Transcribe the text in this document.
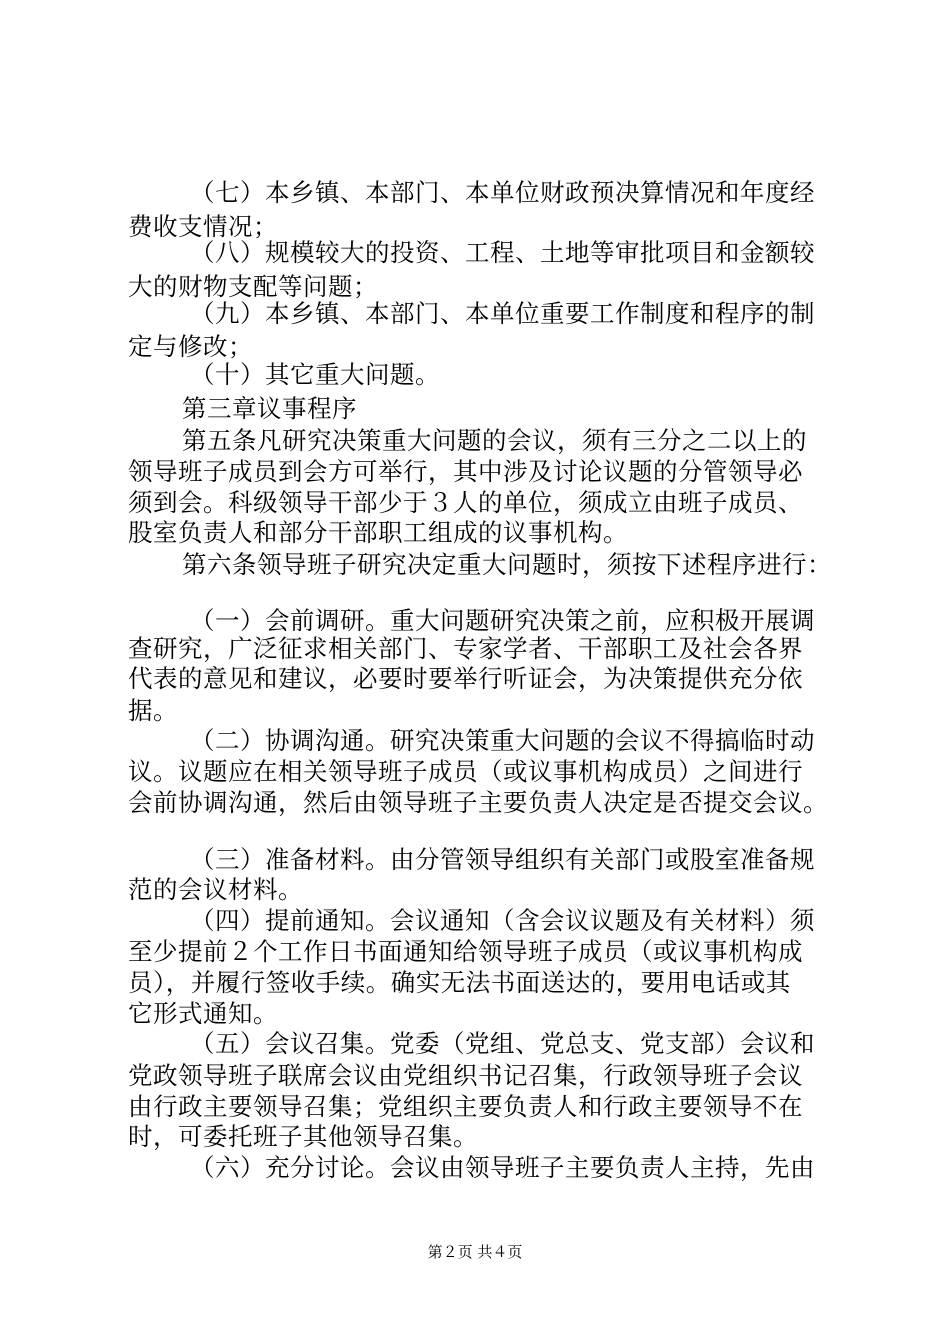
（七）本乡镇、本部门、本单位财政预决算情况和年度经
费收支情况；
（八）规模较大的投资、工程、土地等审批项目和金额较
大的财物支配等问题；
（九）本乡镇、本部门、本单位重要工作制度和程序的制
定与修改；
（十）其它重大问题。
第三章议事程序
第五条凡研究决策重大问题的会议，须有三分之二以上的
领导班子成员到会方可举行，其中涉及讨论议题的分管领导必
须到会。科级领导干部少于３人的单位，须成立由班子成员、
股室负责人和部分干部职工组成的议事机构。
第六条领导班子研究决定重大问题时，须按下述程序进行：
（一）会前调研。重大问题研究决策之前，应积极开展调
查研究，广泛征求相关部门、专家学者、干部职工及社会各界
代表的意见和建议，必要时要举行听证会，为决策提供充分依
据。
（二）协调沟通。研究决策重大问题的会议不得搞临时动
议。议题应在相关领导班子成员（或议事机构成员）之间进行
会前协调沟通，然后由领导班子主要负责人决定是否提交会议。
（三）准备材料。由分管领导组织有关部门或股室准备规
范的会议材料。
（四）提前通知。会议通知（含会议议题及有关材料）须
至少提前２个工作日书面通知给领导班子成员（或议事机构成
员），并履行签收手续。确实无法书面送达的，要用电话或其
它形式通知。
（五）会议召集。党委（党组、党总支、党支部）会议和
党政领导班子联席会议由党组织书记召集，行政领导班子会议
由行政主要领导召集；党组织主要负责人和行政主要领导不在
时，可委托班子其他领导召集。
（六）充分讨论。会议由领导班子主要负责人主持，先由
第２页 共４页
